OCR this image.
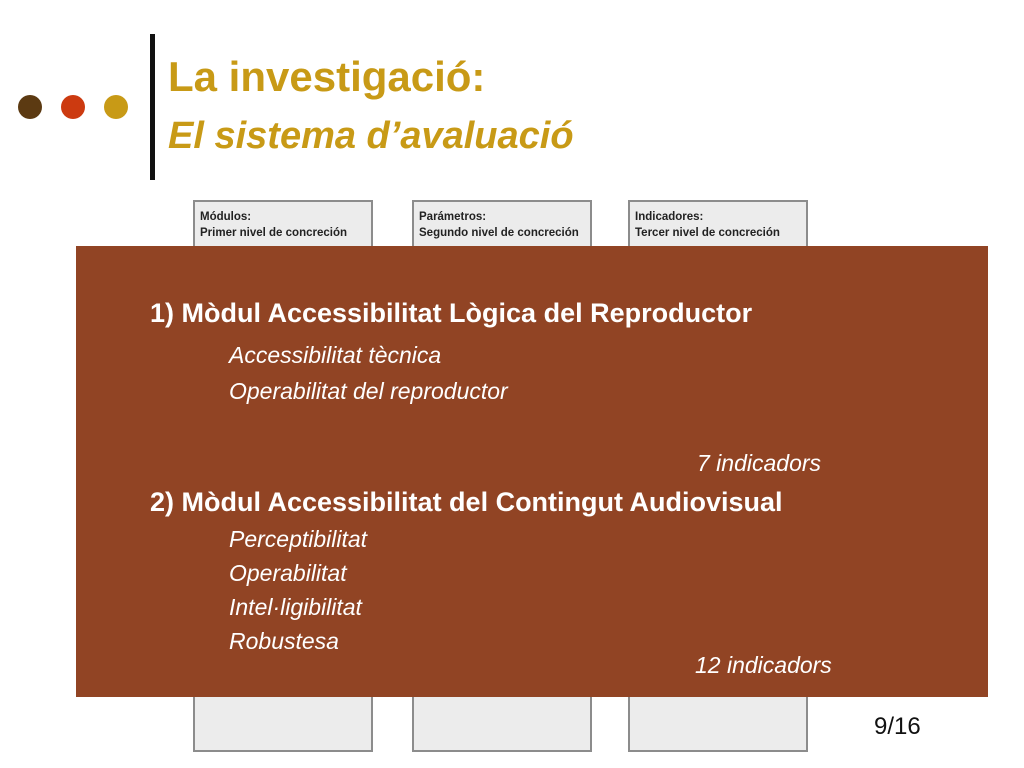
La investigació:
El sistema d’avaluació
Módulos:
Primer nivel de concreción
Parámetros:
Segundo nivel de concreción
Indicadores:
Tercer nivel de concreción
1) Mòdul Accessibilitat Lògica del Reproductor
Accessibilitat tècnica
Operabilitat del reproductor
7 indicadors
2) Mòdul Accessibilitat del Contingut Audiovisual
Perceptibilitat
Operabilitat
Intel·ligibilitat
Robustesa
12 indicadors
9/16
